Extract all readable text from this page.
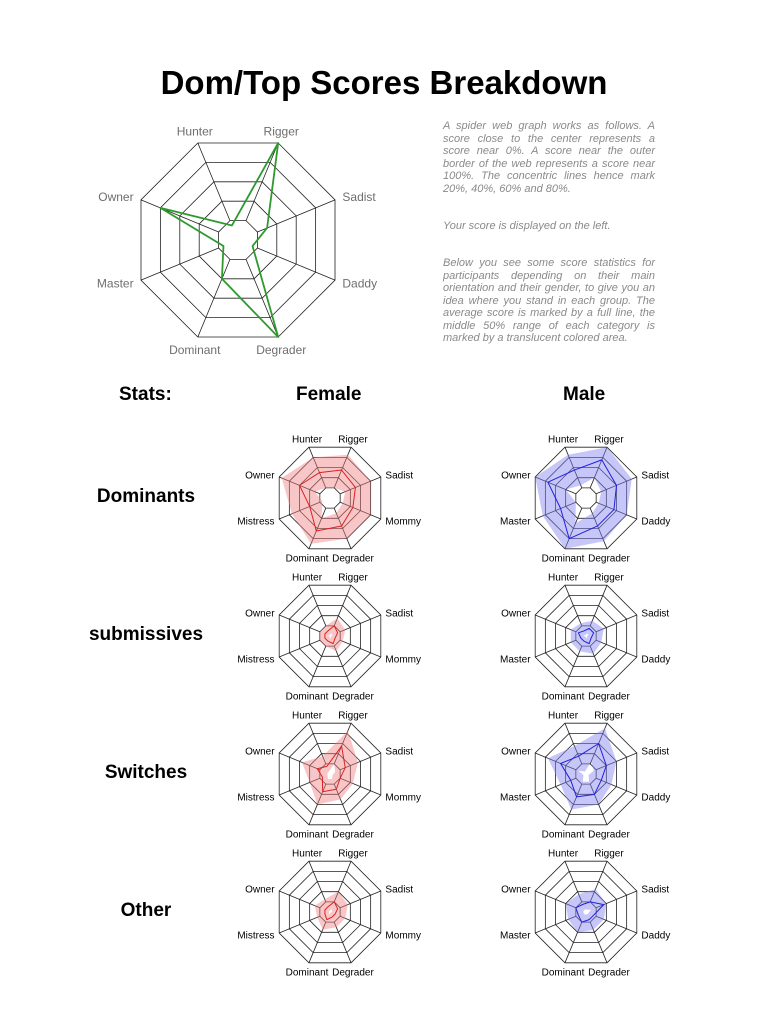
Dom/Top Scores Breakdown
Rigger
Sadist
Daddy
Degrader
Dominant
Master
Owner
Hunter	A spider web graph works as follows. A score close to the center represents a score near 0%. A score near the outer border of the web represents a score near 100%. The concentric lines hence mark 20%, 40%, 60% and 80%.

Your score is displayed on the left.

Below you see some score statistics for participants depending on their main orientation and their gender, to give you an idea where you stand in each group. The average score is marked by a full line, the middle 50% range of each category is marked by a translucent colored area.

Stats:	Female	Male
Dominants
submissives
Switches
Other
Rigger
Sadist
Mommy
Degrader
Dominant
Mistress
Owner
Hunter	Rigger
Sadist
Daddy
Degrader
Dominant
Master
Owner
Hunter
Rigger
Sadist
Mommy
Degrader
Dominant
Mistress
Owner
Hunter	Rigger
Sadist
Daddy
Degrader
Dominant
Master
Owner
Hunter
Rigger
Sadist
Mommy
Degrader
Dominant
Mistress
Owner
Hunter	Rigger
Sadist
Daddy
Degrader
Dominant
Master
Owner
Hunter
Rigger
Sadist
Mommy
Degrader
Dominant
Mistress
Owner
Hunter	Rigger
Sadist
Daddy
Degrader
Dominant
Master
Owner
Hunter
